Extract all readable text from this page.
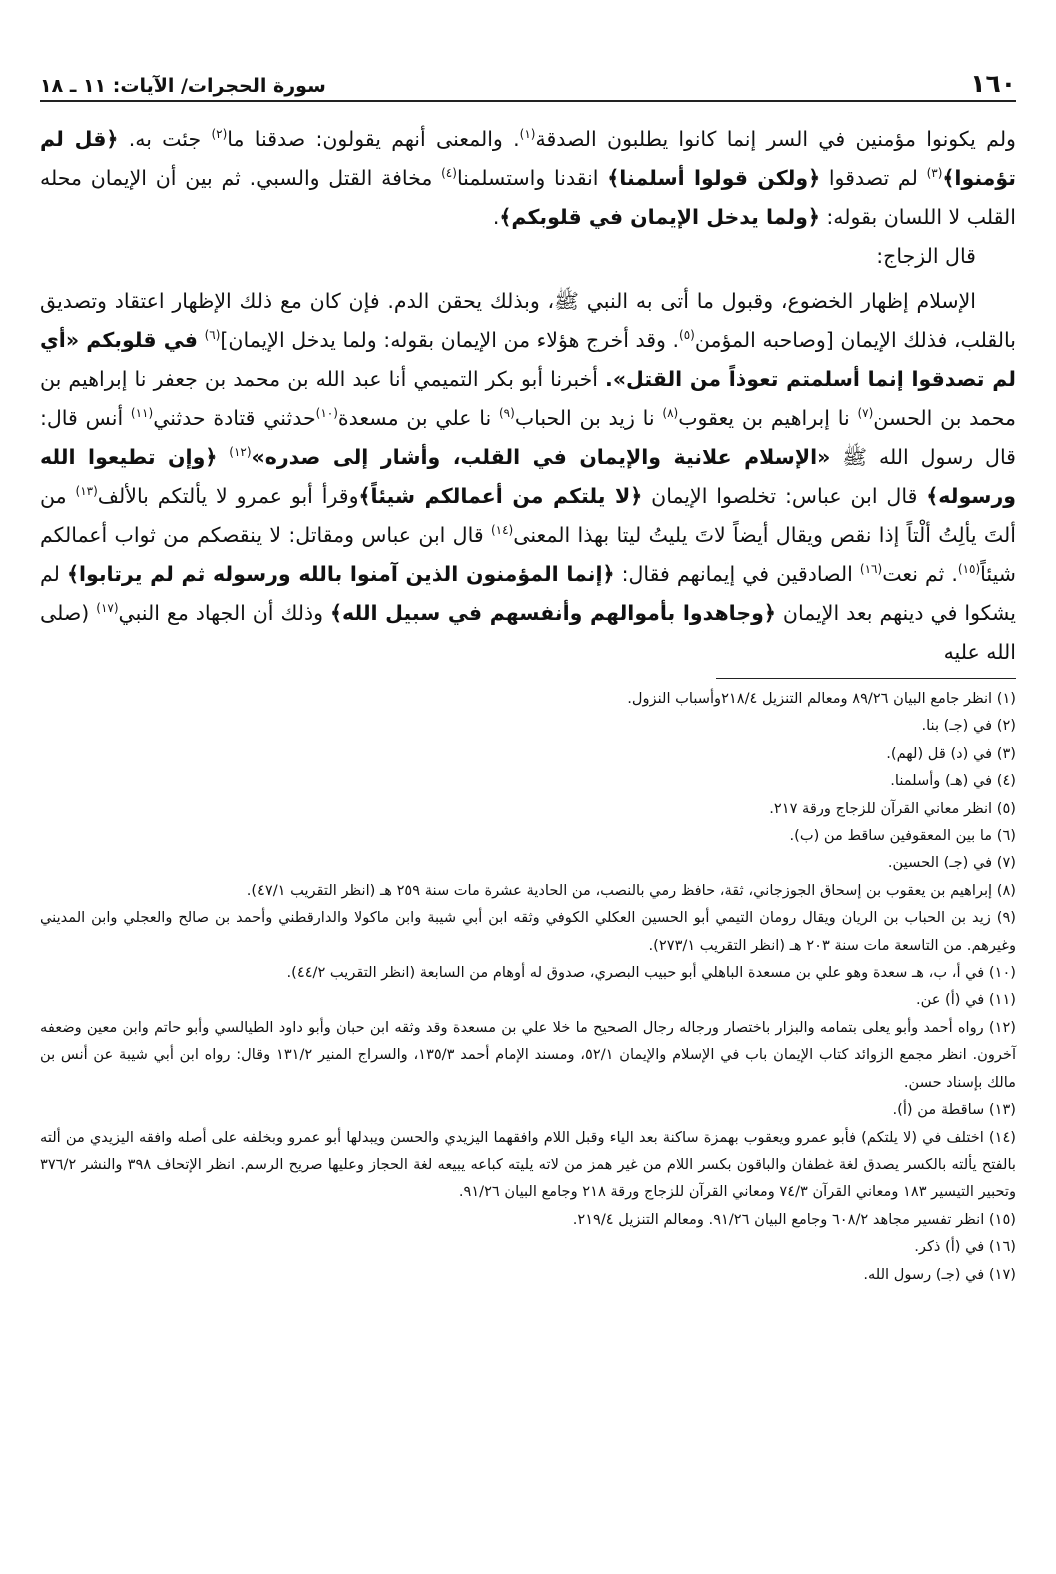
١٦٠
سورة الحجرات/ الآيات: ١١ ـ ١٨

ولم يكونوا مؤمنين في السر إنما كانوا يطلبون الصدقة$^{(١)}$. والمعنى أنهم يقولون: صدقنا ما$^{(٢)}$ جئت به. ﴿قل لم تؤمنوا﴾$^{(٣)}$ لم تصدقوا ﴿ولكن قولوا أسلمنا﴾ انقدنا واستسلمنا$^{(٤)}$ مخافة القتل والسبي. ثم بين أن الإيمان محله القلب لا اللسان بقوله: ﴿ولما يدخل الإيمان في قلوبكم﴾.

قال الزجاج:

الإسلام إظهار الخضوع، وقبول ما أتى به النبي ﷺ، وبذلك يحقن الدم. فإن كان مع ذلك الإظهار اعتقاد وتصديق بالقلب، فذلك الإيمان [وصاحبه المؤمن$^{(٥)}$. وقد أخرج هؤلاء من الإيمان بقوله: ولما يدخل الإيمان]$^{(٦)}$ في قلوبكم «أي لم تصدقوا إنما أسلمتم تعوذاً من القتل». أخبرنا أبو بكر التميمي أنا عبد الله بن محمد بن جعفر نا إبراهيم بن محمد بن الحسن$^{(٧)}$ نا إبراهيم بن يعقوب$^{(٨)}$ نا زيد بن الحباب$^{(٩)}$ نا علي بن مسعدة$^{(١٠)}$حدثني قتادة حدثني$^{(١١)}$ أنس قال: قال رسول الله ﷺ «الإسلام علانية والإيمان في القلب، وأشار إلى صدره»$^{(١٢)}$ ﴿وإن تطيعوا الله ورسوله﴾ قال ابن عباس: تخلصوا الإيمان ﴿لا يلتكم من أعمالكم شيئاً﴾وقرأ أبو عمرو لا يألتكم بالألف$^{(١٣)}$ من ألتَ يألِتُ ألْتاً إذا نقص ويقال أيضاً لاتَ يليتُ ليتا بهذا المعنى$^{(١٤)}$ قال ابن عباس ومقاتل: لا ينقصكم من ثواب أعمالكم شيئاً$^{(١٥)}$. ثم نعت$^{(١٦)}$ الصادقين في إيمانهم فقال: ﴿إنما المؤمنون الذين آمنوا بالله ورسوله ثم لم يرتابوا﴾ لم يشكوا في دينهم بعد الإيمان ﴿وجاهدوا بأموالهم وأنفسهم في سبيل الله﴾ وذلك أن الجهاد مع النبي$^{(١٧)}$ (صلى الله عليه

(١) انظر جامع البيان ٨٩/٢٦ ومعالم التنزيل ٢١٨/٤وأسباب النزول.

(٢) في (جـ) بنا.

(٣) في (د) قل (لهم).

(٤) في (هـ) وأسلمنا.

(٥) انظر معاني القرآن للزجاج ورقة ٢١٧.

(٦) ما بين المعقوفين ساقط من (ب).

(٧) في (جـ) الحسين.

(٨) إبراهيم بن يعقوب بن إسحاق الجوزجاني، ثقة، حافظ رمي بالنصب، من الحادية عشرة مات سنة ٢٥٩ هـ (انظر التقريب ٤٧/١).

(٩) زيد بن الحباب بن الريان ويقال رومان التيمي أبو الحسين العكلي الكوفي وثقه ابن أبي شيبة وابن ماكولا والدارقطني وأحمد بن صالح والعجلي وابن المديني وغيرهم. من التاسعة مات سنة ٢٠٣ هـ (انظر التقريب ٢٧٣/١).

(١٠) في أ، ب، هـ سعدة وهو علي بن مسعدة الباهلي أبو حبيب البصري، صدوق له أوهام من السابعة (انظر التقريب ٤٤/٢).

(١١) في (أ) عن.

(١٢) رواه أحمد وأبو يعلى بتمامه والبزار باختصار ورجاله رجال الصحيح ما خلا علي بن مسعدة وقد وثقه ابن حبان وأبو داود الطيالسي وأبو حاتم وابن معين وضعفه آخرون. انظر مجمع الزوائد كتاب الإيمان باب في الإسلام والإيمان ٥٢/١، ومسند الإمام أحمد ١٣٥/٣، والسراج المنير ١٣١/٢ وقال: رواه ابن أبي شيبة عن أنس بن مالك بإسناد حسن.

(١٣) ساقطة من (أ).

(١٤) اختلف في (لا يلتكم) فأبو عمرو ويعقوب بهمزة ساكنة بعد الياء وقبل اللام وافقهما اليزيدي والحسن ويبدلها أبو عمرو وبخلفه على أصله وافقه اليزيدي من ألته بالفتح يألته بالكسر يصدق لغة غطفان والباقون بكسر اللام من غير همز من لاته يليته كباعه يبيعه لغة الحجاز وعليها صريح الرسم. انظر الإتحاف ٣٩٨ والنشر ٣٧٦/٢ وتحبير التيسير ١٨٣ ومعاني القرآن ٧٤/٣ ومعاني القرآن للزجاج ورقة ٢١٨ وجامع البيان ٩١/٢٦.

(١٥) انظر تفسير مجاهد ٦٠٨/٢ وجامع البيان ٩١/٢٦. ومعالم التنزيل ٢١٩/٤.

(١٦) في (أ) ذكر.

(١٧) في (جـ) رسول الله.
